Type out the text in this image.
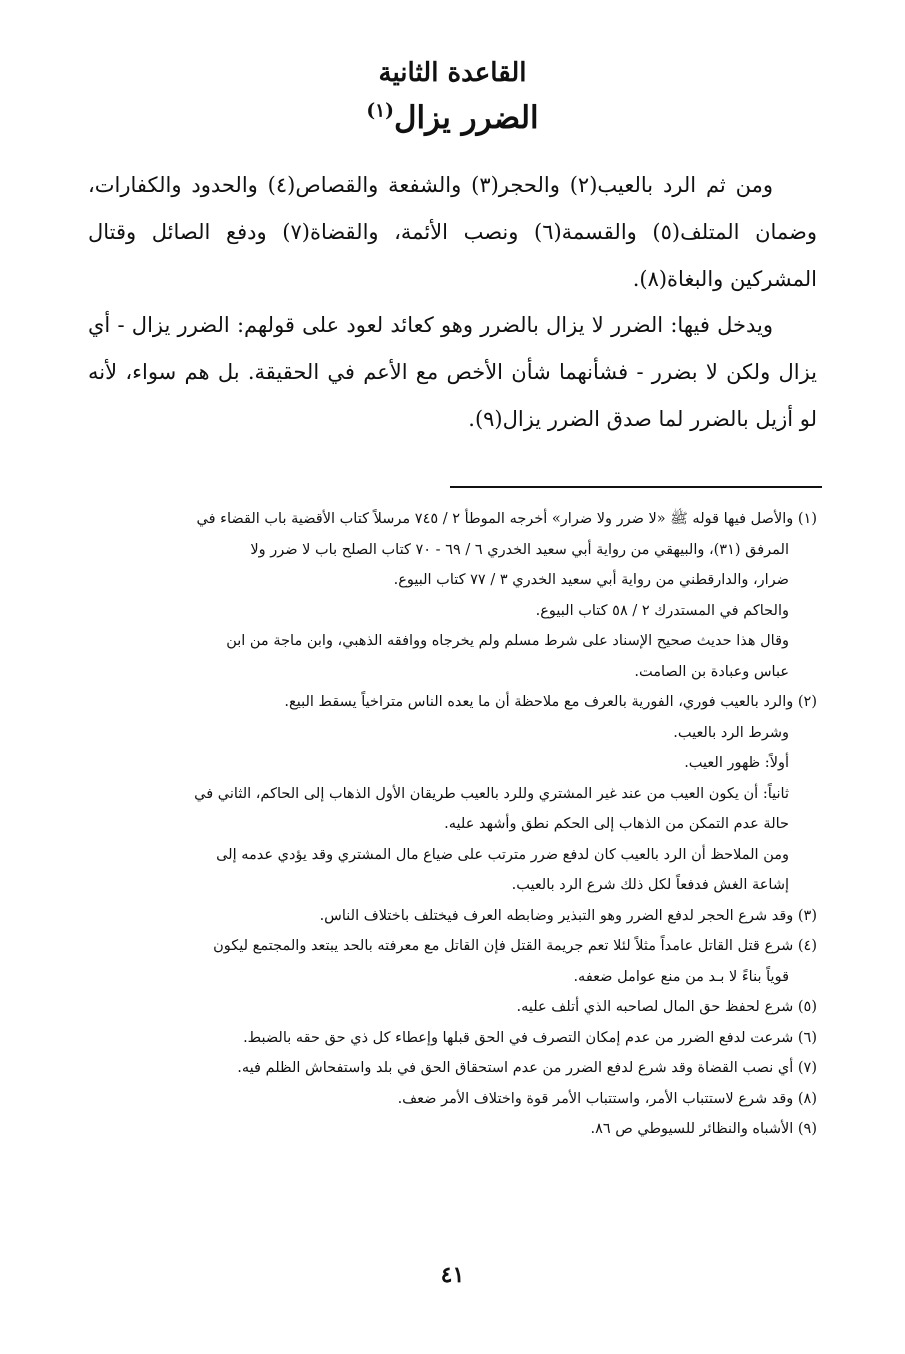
القاعدة الثانية
الضرر يزال$^{(١)}$
ومن ثم الرد بالعيب(٢) والحجر(٣) والشفعة والقصاص(٤) والحدود والكفارات، وضمان المتلف(٥) والقسمة(٦) ونصب الأئمة، والقضاة(٧) ودفع الصائل وقتال المشركين والبغاة(٨).
ويدخل فيها: الضرر لا يزال بالضرر وهو كعائد لعود على قولهم: الضرر يزال - أي يزال ولكن لا بضرر - فشأنهما شأن الأخص مع الأعم في الحقيقة. بل هم سواء، لأنه لو أزيل بالضرر لما صدق الضرر يزال(٩).
(١) والأصل فيها قوله ﷺ «لا ضرر ولا ضرار» أخرجه الموطأ ٢ / ٧٤٥ مرسلاً كتاب الأقضية باب القضاء في
المرفق (٣١)، والبيهقي من رواية أبي سعيد الخدري ٦ / ٦٩ - ٧٠ كتاب الصلح باب لا ضرر ولا
ضرار، والدارقطني من رواية أبي سعيد الخدري ٣ / ٧٧ كتاب البيوع.
والحاكم في المستدرك ٢ / ٥٨ كتاب البيوع.
وقال هذا حديث صحيح الإسناد على شرط مسلم ولم يخرجاه ووافقه الذهبي، وابن ماجة من ابن
عباس وعبادة بن الصامت.
(٢) والرد بالعيب فوري، الفورية بالعرف مع ملاحظة أن ما يعده الناس متراخياً يسقط البيع.
وشرط الرد بالعيب.
أولاً: ظهور العيب.
ثانياً: أن يكون العيب من عند غير المشتري وللرد بالعيب طريقان الأول الذهاب إلى الحاكم، الثاني في
حالة عدم التمكن من الذهاب إلى الحكم نطق وأشهد عليه.
ومن الملاحظ أن الرد بالعيب كان لدفع ضرر مترتب على ضياع مال المشتري وقد يؤدي عدمه إلى
إشاعة الغش فدفعاً لكل ذلك شرع الرد بالعيب.
(٣) وقد شرع الحجر لدفع الضرر وهو التبذير وضابطه العرف فيختلف باختلاف الناس.
(٤) شرع قتل القاتل عامداً مثلاً لئلا تعم جريمة القتل فإن القاتل مع معرفته بالحد يبتعد والمجتمع ليكون
قوياً بناءً لا بـد من منع عوامل ضعفه.
(٥) شرع لحفظ حق المال لصاحبه الذي أتلف عليه.
(٦) شرعت لدفع الضرر من عدم إمكان التصرف في الحق قبلها وإعطاء كل ذي حق حقه بالضبط.
(٧) أي نصب القضاة وقد شرع لدفع الضرر من عدم استحقاق الحق في بلد واستفحاش الظلم فيه.
(٨) وقد شرع لاستتباب الأمر، واستتباب الأمر قوة واختلاف الأمر ضعف.
(٩) الأشباه والنظائر للسيوطي ص ٨٦.
٤١
